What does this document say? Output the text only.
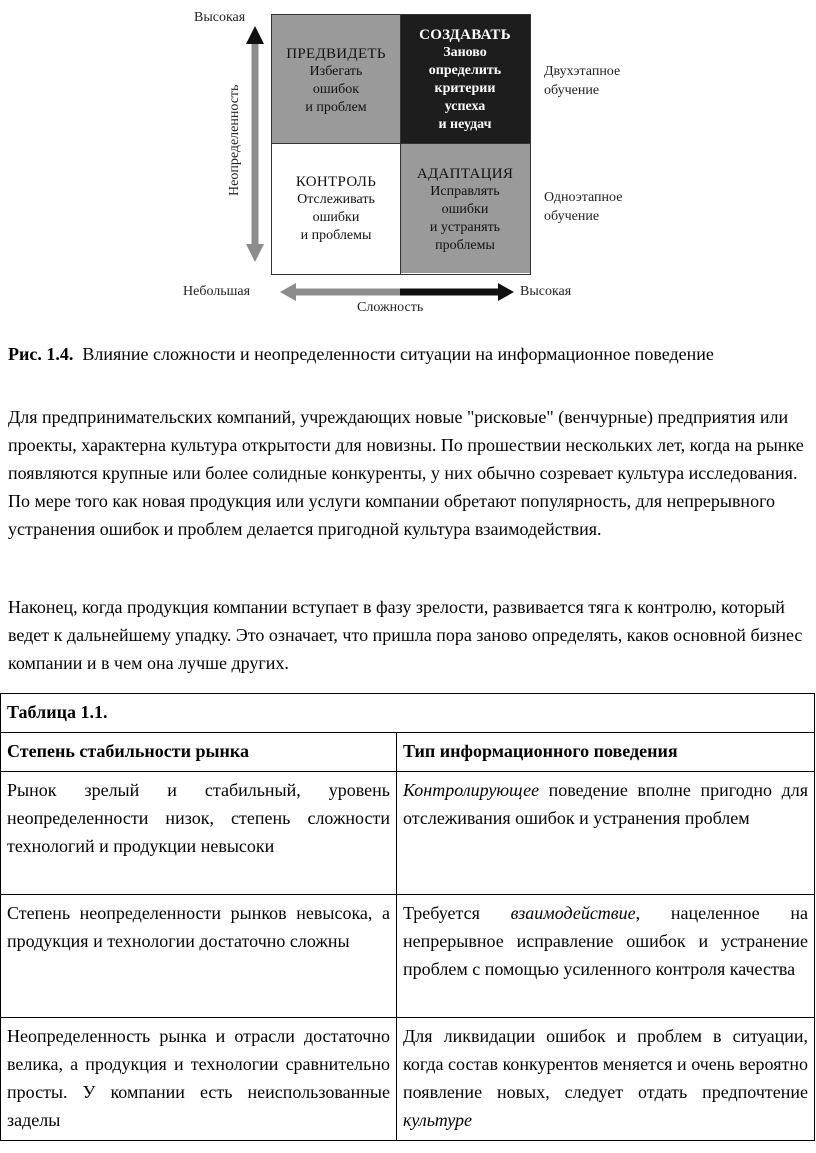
Высокая
Неопределенность
Небольшая	Высокая
Сложность
ПРЕДВИДЕТЬ
Избегать
ошибок
и проблем
СОЗДАВАТЬ
Заново
определить
критерии
успеха
и неудач
КОНТРОЛЬ
Отслеживать
ошибки
и проблемы
АДАПТАЦИЯ
Исправлять
ошибки
и устранять
проблемы
Двухэтапное
обучение
Одноэтапное
обучение
Рис. 1.4. Влияние сложности и неопределенности ситуации на информационное поведение
Для предпринимательских компаний, учреждающих новые "рисковые" (венчурные) предприятия или проекты, характерна культура открытости для новизны. По прошествии нескольких лет, когда на рынке появляются крупные или более солидные конкуренты, у них обычно созревает культура исследования. По мере того как новая продукция или услуги компании обретают популярность, для непрерывного устранения ошибок и проблем делается пригодной культура взаимодействия.
Наконец, когда продукция компании вступает в фазу зрелости, развивается тяга к контролю, который ведет к дальнейшему упадку. Это означает, что пришла пора заново определять, каков основной бизнес компании и в чем она лучше других.
Таблица 1.1.	
Степень стабильности рынка	Тип информационного поведения
Рынок зрелый и стабильный, уровень неопределенности низок, степень сложности технологий и продукции невысоки	Контролирующее поведение вполне пригодно для отслеживания ошибок и устранения проблем
Степень неопределенности рынков невысока, а продукция и технологии достаточно сложны	Требуется взаимодействие, нацеленное на непрерывное исправление ошибок и устранение проблем с помощью усиленного контроля качества
Неопределенность рынка и отрасли достаточно велика, а продукция и технологии сравнительно просты. У компании есть неиспользованные заделы	Для ликвидации ошибок и проблем в ситуации, когда состав конкурентов меняется и очень вероятно появление новых, следует отдать предпочтение культуре
